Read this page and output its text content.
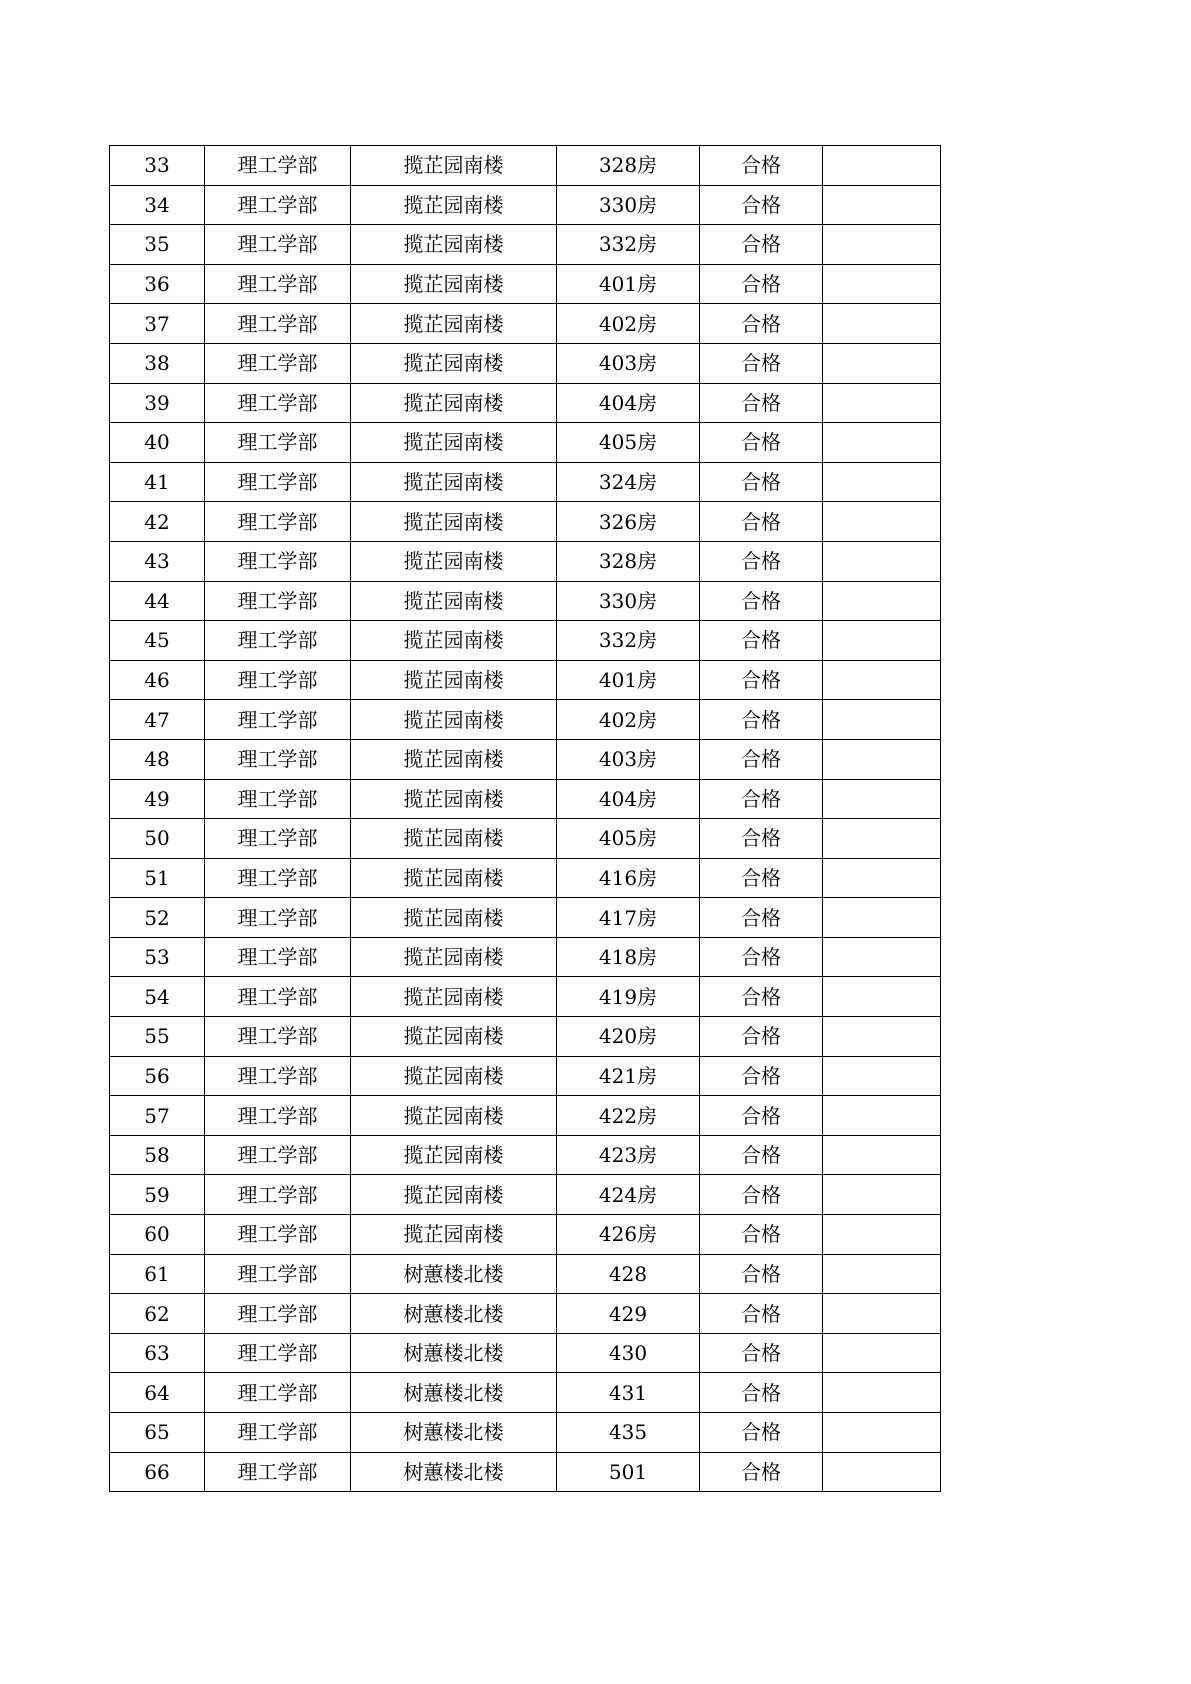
33	理工学部	揽芷园南楼	328房	合格	
34	理工学部	揽芷园南楼	330房	合格	
35	理工学部	揽芷园南楼	332房	合格	
36	理工学部	揽芷园南楼	401房	合格	
37	理工学部	揽芷园南楼	402房	合格	
38	理工学部	揽芷园南楼	403房	合格	
39	理工学部	揽芷园南楼	404房	合格	
40	理工学部	揽芷园南楼	405房	合格	
41	理工学部	揽芷园南楼	324房	合格	
42	理工学部	揽芷园南楼	326房	合格	
43	理工学部	揽芷园南楼	328房	合格	
44	理工学部	揽芷园南楼	330房	合格	
45	理工学部	揽芷园南楼	332房	合格	
46	理工学部	揽芷园南楼	401房	合格	
47	理工学部	揽芷园南楼	402房	合格	
48	理工学部	揽芷园南楼	403房	合格	
49	理工学部	揽芷园南楼	404房	合格	
50	理工学部	揽芷园南楼	405房	合格	
51	理工学部	揽芷园南楼	416房	合格	
52	理工学部	揽芷园南楼	417房	合格	
53	理工学部	揽芷园南楼	418房	合格	
54	理工学部	揽芷园南楼	419房	合格	
55	理工学部	揽芷园南楼	420房	合格	
56	理工学部	揽芷园南楼	421房	合格	
57	理工学部	揽芷园南楼	422房	合格	
58	理工学部	揽芷园南楼	423房	合格	
59	理工学部	揽芷园南楼	424房	合格	
60	理工学部	揽芷园南楼	426房	合格	
61	理工学部	树蕙楼北楼	428	合格	
62	理工学部	树蕙楼北楼	429	合格	
63	理工学部	树蕙楼北楼	430	合格	
64	理工学部	树蕙楼北楼	431	合格	
65	理工学部	树蕙楼北楼	435	合格	
66	理工学部	树蕙楼北楼	501	合格	
